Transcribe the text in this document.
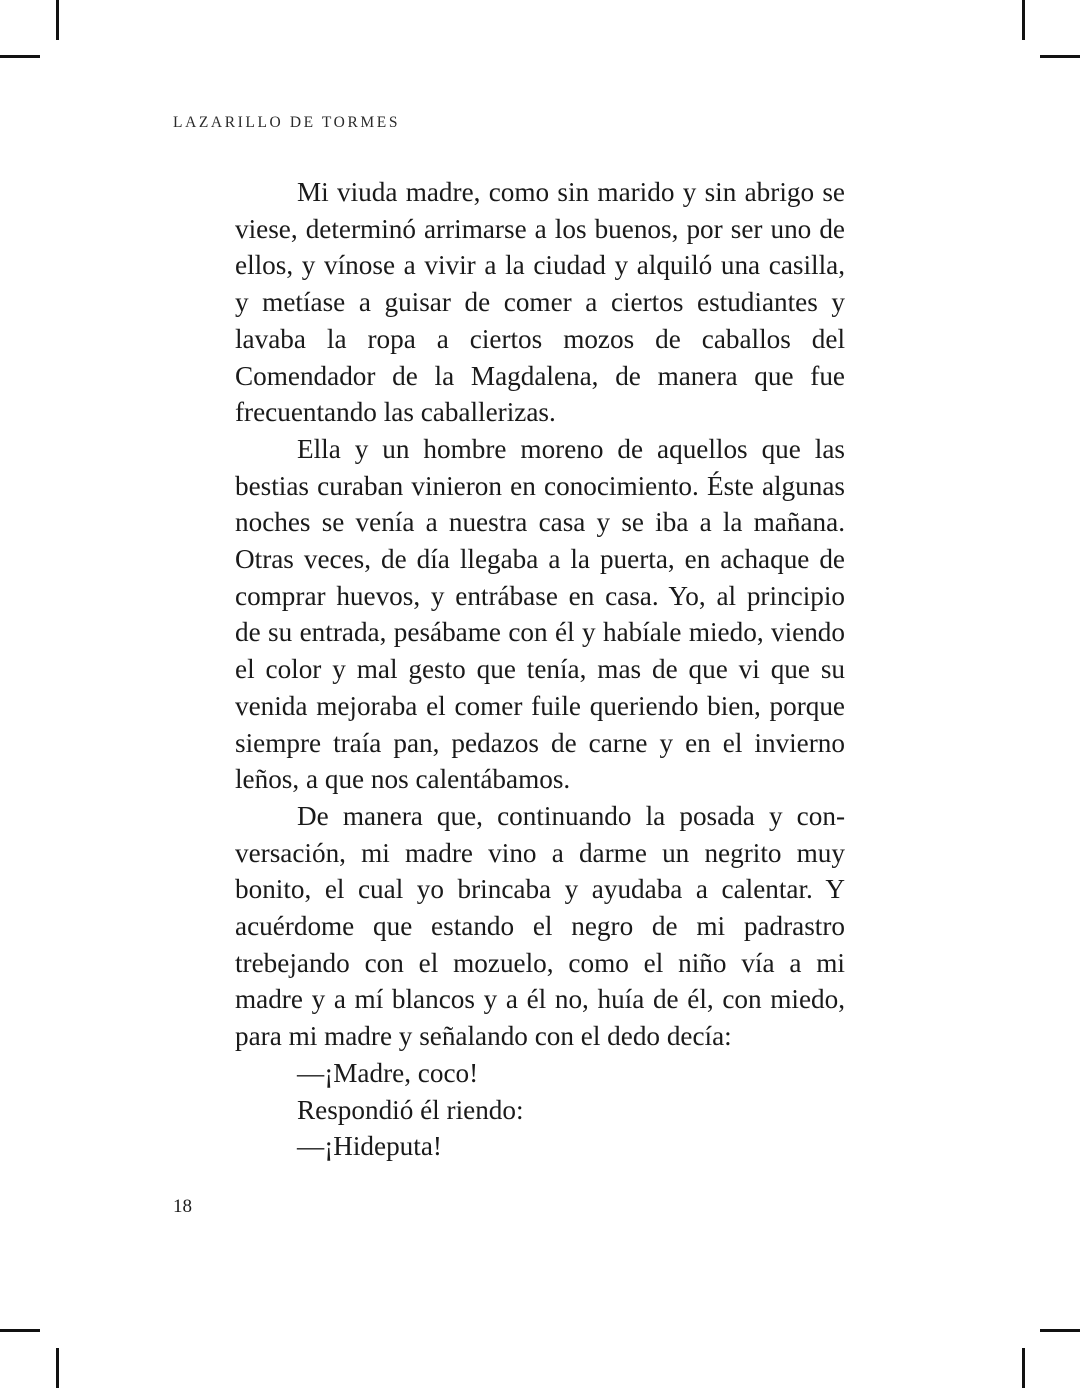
LAZARILLO DE TORMES

Mi viuda madre, como sin marido y sin abrigo se viese, determinó arrimarse a los buenos, por ser uno de ellos, y vínose a vivir a la ciudad y alquiló una casilla, y metíase a guisar de comer a ciertos estudiantes y lavaba la ropa a ciertos mozos de caballos del Comendador de la Magdalena, de manera que fue frecuentando las caballerizas.

Ella y un hombre moreno de aquellos que las bestias curaban vinieron en conocimiento. Éste algunas noches se venía a nuestra casa y se iba a la mañana. Otras veces, de día llegaba a la puerta, en achaque de comprar huevos, y entrábase en casa. Yo, al principio de su entrada, pesábame con él y habíale miedo, viendo el color y mal gesto que tenía, mas de que vi que su venida mejoraba el comer fuile queriendo bien, porque siempre traía pan, pedazos de carne y en el invierno leños, a que nos calentábamos.

De manera que, continuando la posada y conversación, mi madre vino a darme un negrito muy bonito, el cual yo brincaba y ayudaba a calentar. Y acuérdome que estando el negro de mi padrastro trebejando con el mozuelo, como el niño vía a mi madre y a mí blancos y a él no, huía de él, con miedo, para mi madre y señalando con el dedo decía:

—¡Madre, coco!

Respondió él riendo:

—¡Hideputa!

18
